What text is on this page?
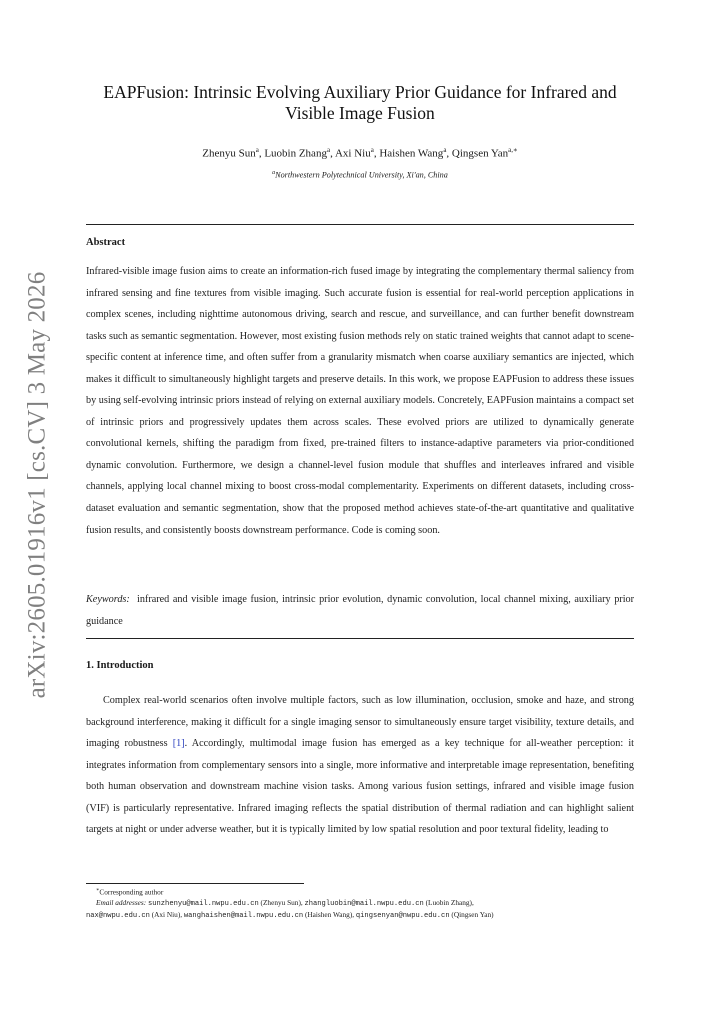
arXiv:2605.01916v1 [cs.CV] 3 May 2026
EAPFusion: Intrinsic Evolving Auxiliary Prior Guidance for Infrared and Visible Image Fusion
Zhenyu Sun$^a$, Luobin Zhang$^a$, Axi Niu$^a$, Haishen Wang$^a$, Qingsen Yan$^{a,∗}$
$^a$Northwestern Polytechnical University, Xi'an, China
Abstract
Infrared-visible image fusion aims to create an information-rich fused image by integrating the complementary thermal saliency from infrared sensing and fine textures from visible imaging. Such accurate fusion is essential for real-world perception applications in complex scenes, including nighttime autonomous driving, search and rescue, and surveillance, and can further benefit downstream tasks such as semantic segmentation. However, most existing fusion methods rely on static trained weights that cannot adapt to scene-specific content at inference time, and often suffer from a granularity mismatch when coarse auxiliary semantics are injected, which makes it difficult to simultaneously highlight targets and preserve details. In this work, we propose EAPFusion to address these issues by using self-evolving intrinsic priors instead of relying on external auxiliary models. Concretely, EAPFusion maintains a compact set of intrinsic priors and progressively updates them across scales. These evolved priors are utilized to dynamically generate convolutional kernels, shifting the paradigm from fixed, pre-trained filters to instance-adaptive parameters via prior-conditioned dynamic convolution. Furthermore, we design a channel-level fusion module that shuffles and interleaves infrared and visible channels, applying local channel mixing to boost cross-modal complementarity. Experiments on different datasets, including cross-dataset evaluation and semantic segmentation, show that the proposed method achieves state-of-the-art quantitative and qualitative fusion results, and consistently boosts downstream performance. Code is coming soon.
Keywords: infrared and visible image fusion, intrinsic prior evolution, dynamic convolution, local channel mixing, auxiliary prior guidance
1. Introduction
Complex real-world scenarios often involve multiple factors, such as low illumination, occlusion, smoke and haze, and strong background interference, making it difficult for a single imaging sensor to simultaneously ensure target visibility, texture details, and imaging robustness [1]. Accordingly, multimodal image fusion has emerged as a key technique for all-weather perception: it integrates information from complementary sensors into a single, more informative and interpretable image representation, benefiting both human observation and downstream machine vision tasks. Among various fusion settings, infrared and visible image fusion (VIF) is particularly representative. Infrared imaging reflects the spatial distribution of thermal radiation and can highlight salient targets at night or under adverse weather, but it is typically limited by low spatial resolution and poor textural fidelity, leading to
∗Corresponding author
Email addresses: sunzhenyu@mail.nwpu.edu.cn (Zhenyu Sun), zhangluobin@mail.nwpu.edu.cn (Luobin Zhang),
nax@nwpu.edu.cn (Axi Niu), wanghaishen@mail.nwpu.edu.cn (Haishen Wang), qingsenyan@nwpu.edu.cn (Qingsen Yan)
